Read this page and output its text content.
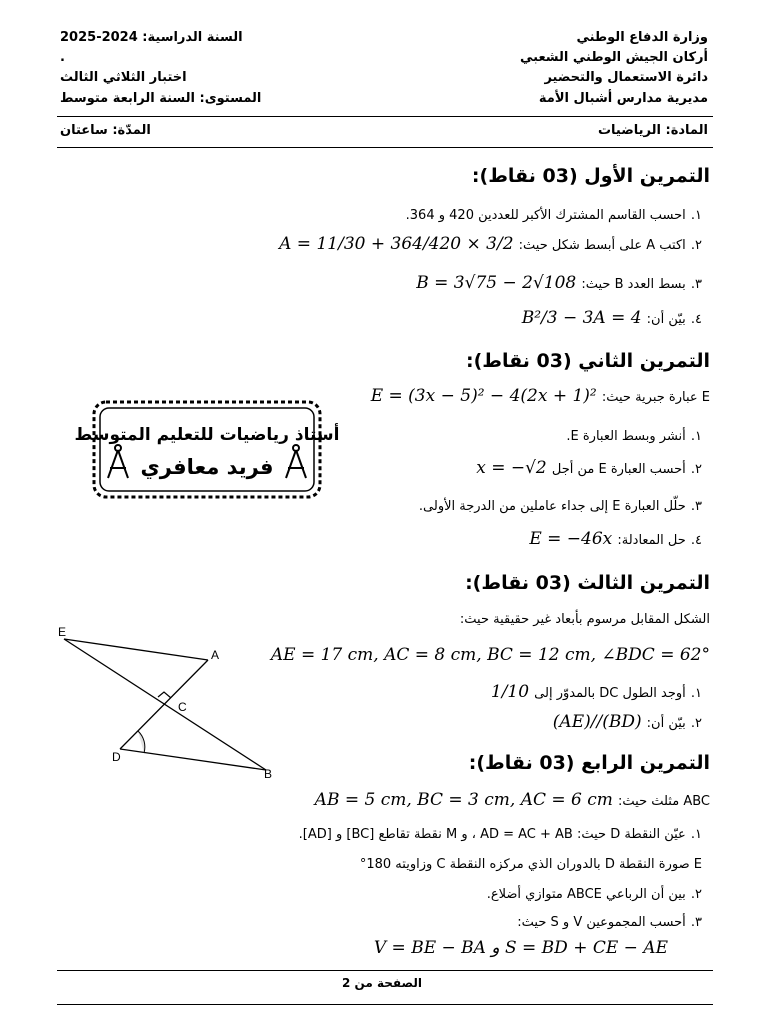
وزارة الدفاع الوطني
أركان الجيش الوطني الشعبي
دائرة الاستعمال والتحضير
مديرية مدارس أشبال الأمة
السنة الدراسية: 2024-2025
.
اختبار الثلاثي الثالث
المستوى: السنة الرابعة متوسط
المادة: الرياضيات
المدّة: ساعتان
التمرين الأول (03 نقاط):
١. احسب القاسم المشترك الأكبر للعددين 420 و 364.
٢. اكتب A على أبسط شكل حيث: A = 11/30 + 364/420 × 3/2
٣. بسط العدد B حيث: B = 3√75 − 2√108
٤. بيّن أن: B²/3 − 3A = 4
التمرين الثاني (03 نقاط):
E عبارة جبرية حيث: E = (3x − 5)² − 4(2x + 1)²
١. أنشر وبسط العبارة E.
٢. أحسب العبارة E من أجل x = −√2
٣. حلّل العبارة E إلى جداء عاملين من الدرجة الأولى.
٤. حل المعادلة: E = −46x
أستاذ رياضيات للتعليم المتوسط
فريد معافري
التمرين الثالث (03 نقاط):
الشكل المقابل مرسوم بأبعاد غير حقيقية حيث:
AE = 17 cm, AC = 8 cm, BC = 12 cm, ∠BDC = 62°
١. أوجد الطول DC بالمدوّر إلى 1/10
٢. بيّن أن: (AE)//(BD)
E
A
C
D
B	التمرين الرابع (03 نقاط):
ABC مثلث حيث: AB = 5 cm, BC = 3 cm, AC = 6 cm
١. عيّن النقطة D حيث: AD = AC + AB ، و M نقطة تقاطع [BC] و [AD].
E صورة النقطة D بالدوران الذي مركزه النقطة C وزاويته 180°
٢. بين أن الرباعي ABCE متوازي أضلاع.
٣. أحسب المجموعين V و S حيث:
V = BE − BA و S = BD + CE − AE
الصفحة من 2
